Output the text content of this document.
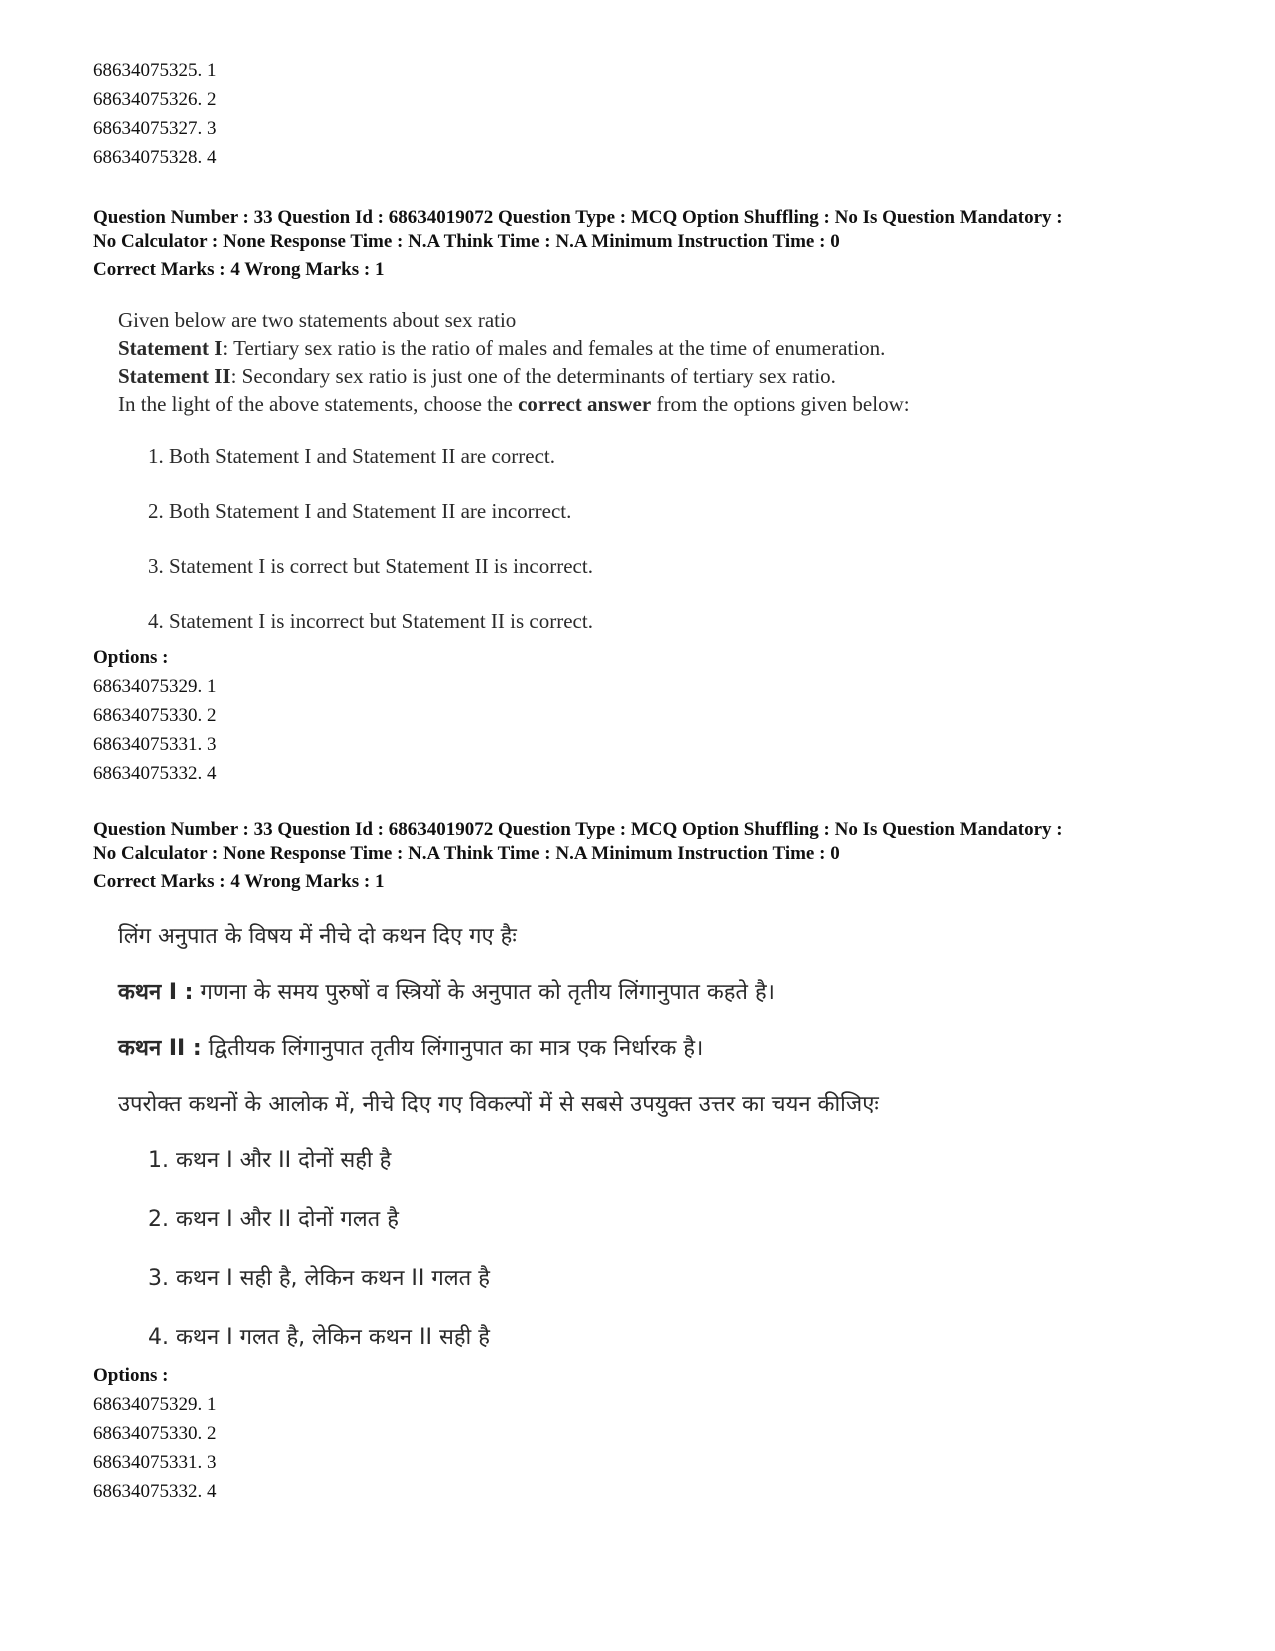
68634075325. 1
68634075326. 2
68634075327. 3
68634075328. 4
Question Number : 33 Question Id : 68634019072 Question Type : MCQ Option Shuffling : No Is Question Mandatory :
No Calculator : None Response Time : N.A Think Time : N.A Minimum Instruction Time : 0
Correct Marks : 4 Wrong Marks : 1
Given below are two statements about sex ratio
Statement I: Tertiary sex ratio is the ratio of males and females at the time of enumeration.
Statement II: Secondary sex ratio is just one of the determinants of tertiary sex ratio.
In the light of the above statements, choose the correct answer from the options given below:
1. Both Statement I and Statement II are correct.
2. Both Statement I and Statement II are incorrect.
3. Statement I is correct but Statement II is incorrect.
4. Statement I is incorrect but Statement II is correct.
Options :
68634075329. 1
68634075330. 2
68634075331. 3
68634075332. 4
Question Number : 33 Question Id : 68634019072 Question Type : MCQ Option Shuffling : No Is Question Mandatory :
No Calculator : None Response Time : N.A Think Time : N.A Minimum Instruction Time : 0
Correct Marks : 4 Wrong Marks : 1
लिंग अनुपात के विषय में नीचे दो कथन दिए गए हैः
कथन I : गणना के समय पुरुषों व स्त्रियों के अनुपात को तृतीय लिंगानुपात कहते है।
कथन II : द्वितीयक लिंगानुपात तृतीय लिंगानुपात का मात्र एक निर्धारक है।
उपरोक्त कथनों के आलोक में, नीचे दिए गए विकल्पों में से सबसे उपयुक्त उत्तर का चयन कीजिएः
1. कथन I और II दोनों सही है
2. कथन I और II दोनों गलत है
3. कथन I सही है, लेकिन कथन II गलत है
4. कथन I गलत है, लेकिन कथन II सही है
Options :
68634075329. 1
68634075330. 2
68634075331. 3
68634075332. 4
